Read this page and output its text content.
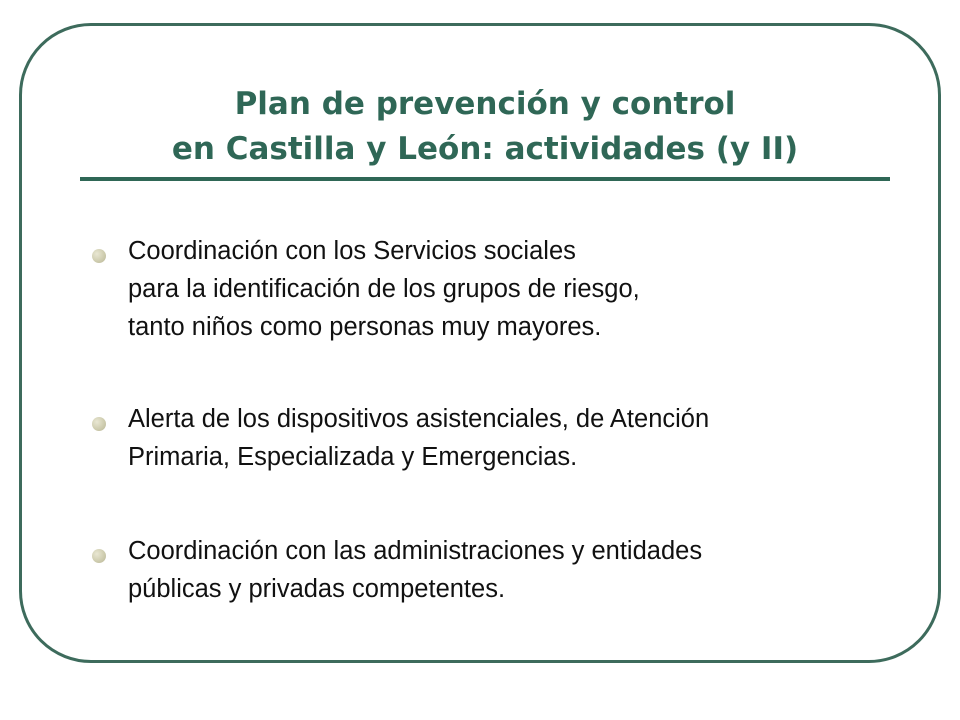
Plan de prevención y control
en Castilla y León: actividades (y II)
Coordinación con los Servicios sociales
para la identificación de los grupos de riesgo,
tanto niños como personas muy mayores.
Alerta de los dispositivos asistenciales, de Atención
Primaria, Especializada y Emergencias.
Coordinación con las administraciones y entidades
públicas y privadas competentes.
